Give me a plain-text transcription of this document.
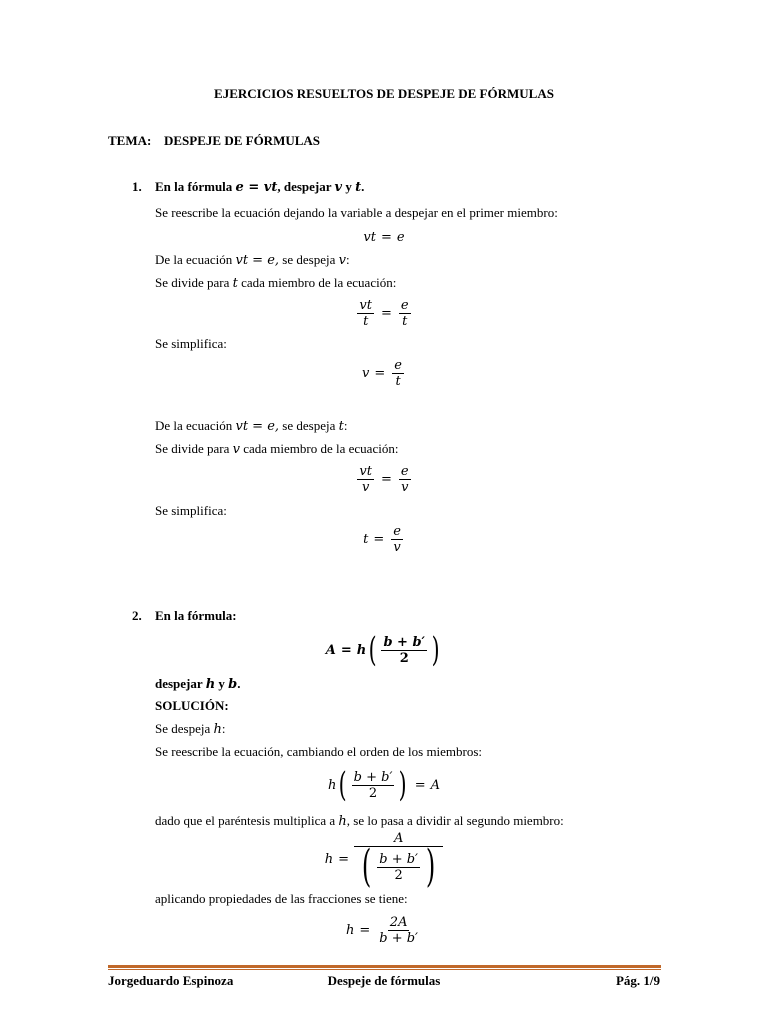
EJERCICIOS RESUELTOS DE DESPEJE DE FÓRMULAS
TEMA: DESPEJE DE FÓRMULAS
1. En la fórmula e = vt, despejar v y t.
Se reescribe la ecuación dejando la variable a despejar en el primer miembro:
vt = e
De la ecuación vt = e, se despeja v:
Se divide para t cada miembro de la ecuación:
$\frac{vt}{t} = \frac{e}{t}$
Se simplifica:
$v = \frac{e}{t}$
De la ecuación vt = e, se despeja t:
Se divide para v cada miembro de la ecuación:
$\frac{vt}{v} = \frac{e}{v}$
Se simplifica:
$t = \frac{e}{v}$
2. En la fórmula:
A = h ( $\frac{b + b'}{2}$ )
despejar h y b.
SOLUCIÓN:
Se despeja h:
Se reescribe la ecuación, cambiando el orden de los miembros:
h ( $\frac{b + b'}{2}$ ) = A
dado que el paréntesis multiplica a h, se lo pasa a dividir al segundo miembro:
$h = \frac{A}{( \frac{b + b'}{2} )}$
aplicando propiedades de las fracciones se tiene:
$h = \frac{2A}{b + b'}$
Jorgeduardo Espinoza	Despeje de fórmulas	Pág. 1/9
